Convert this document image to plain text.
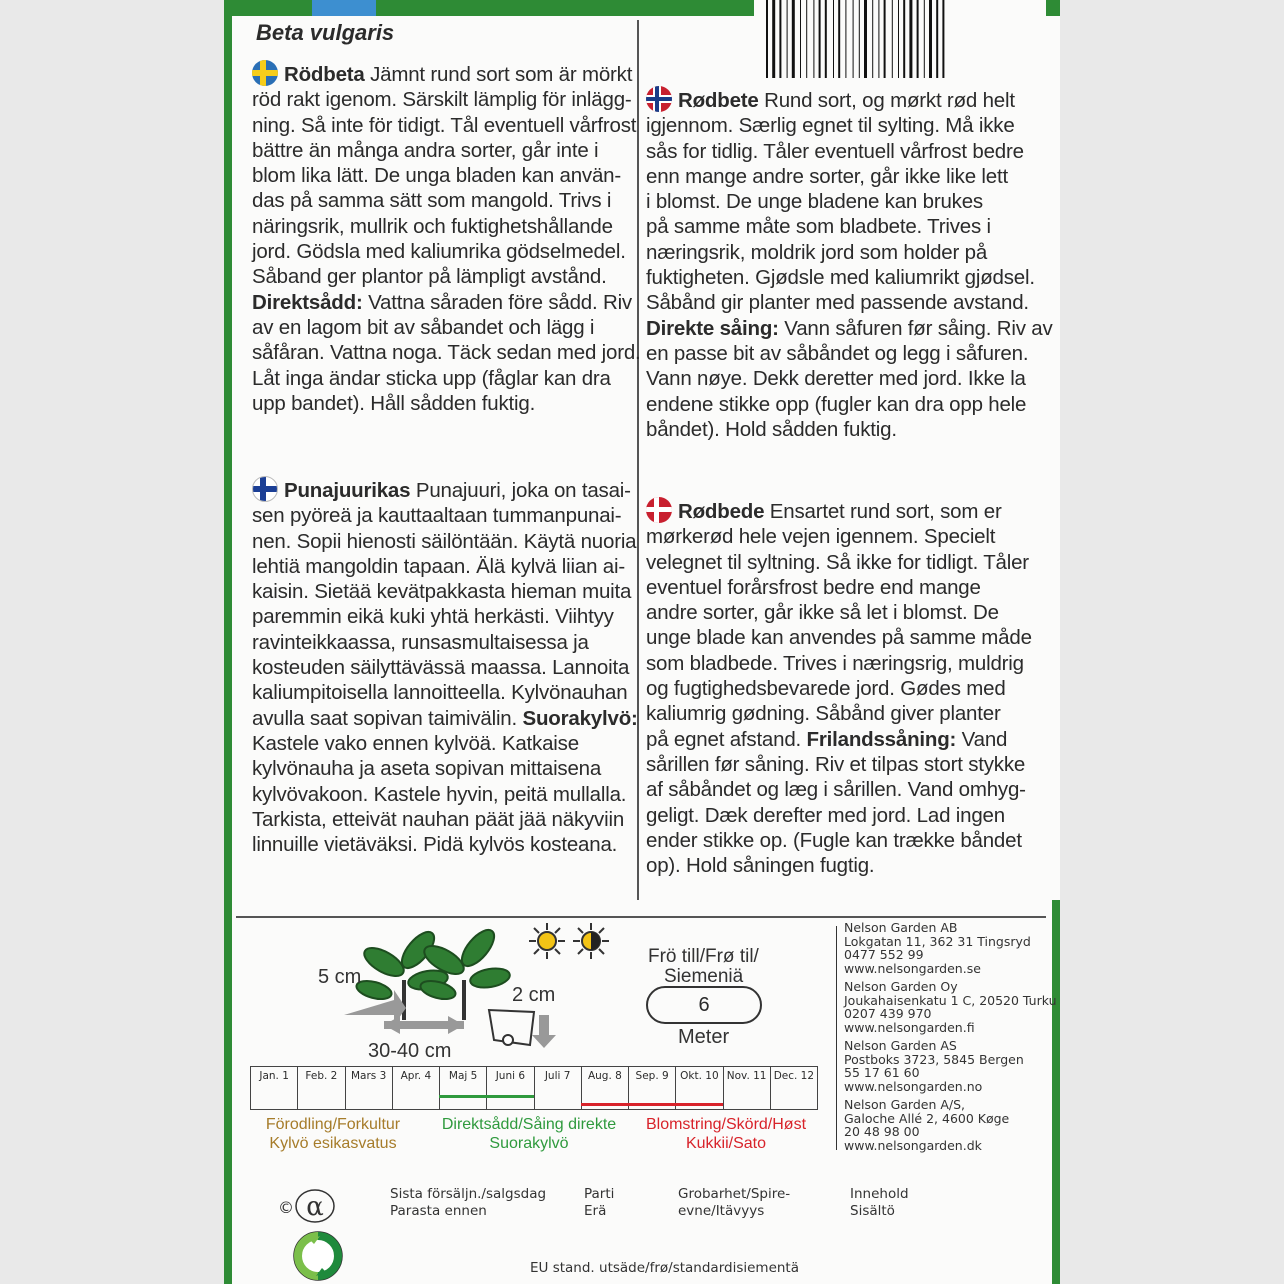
Beta vulgaris
Rödbeta Jämnt rund sort som är mörkt
röd rakt igenom. Särskilt lämplig för inlägg-
ning. Så inte för tidigt. Tål eventuell vårfrost
bättre än många andra sorter, går inte i
blom lika lätt. De unga bladen kan använ-
das på samma sätt som mangold. Trivs i
näringsrik, mullrik och fuktighetshållande
jord. Gödsla med kaliumrika gödselmedel.
Såband ger plantor på lämpligt avstånd.
Direktsådd: Vattna såraden före sådd. Riv
av en lagom bit av såbandet och lägg i
såfåran. Vattna noga. Täck sedan med jord.
Låt inga ändar sticka upp (fåglar kan dra
upp bandet). Håll sådden fuktig.
Rødbete Rund sort, og mørkt rød helt
igjennom. Særlig egnet til sylting. Må ikke
sås for tidlig. Tåler eventuell vårfrost bedre
enn mange andre sorter, går ikke like lett
i blomst. De unge bladene kan brukes
på samme måte som bladbete. Trives i
næringsrik, moldrik jord som holder på
fuktigheten. Gjødsle med kaliumrikt gjødsel.
Såbånd gir planter med passende avstand.
Direkte såing: Vann såfuren før såing. Riv av
en passe bit av såbåndet og legg i såfuren.
Vann nøye. Dekk deretter med jord. Ikke la
endene stikke opp (fugler kan dra opp hele
båndet). Hold sådden fuktig.
Punajuurikas Punajuuri, joka on tasai-
sen pyöreä ja kauttaaltaan tummanpunai-
nen. Sopii hienosti säilöntään. Käytä nuoria
lehtiä mangoldin tapaan. Älä kylvä liian ai-
kaisin. Sietää kevätpakkasta hieman muita
paremmin eikä kuki yhtä herkästi. Viihtyy
ravinteikkaassa, runsasmultaisessa ja
kosteuden säilyttävässä maassa. Lannoita
kaliumpitoisella lannoitteella. Kylvönauhan
avulla saat sopivan taimivälin. Suorakylvö:
Kastele vako ennen kylvöä. Katkaise
kylvönauha ja aseta sopivan mittaisena
kylvövakoon. Kastele hyvin, peitä mullalla.
Tarkista, etteivät nauhan päät jää näkyviin
linnuille vietäväksi. Pidä kylvös kosteana.
Rødbede Ensartet rund sort, som er
mørkerød hele vejen igennem. Specielt
velegnet til syltning. Så ikke for tidligt. Tåler
eventuel forårsfrost bedre end mange
andre sorter, går ikke så let i blomst. De
unge blade kan anvendes på samme måde
som bladbede. Trives i næringsrig, muldrig
og fugtighedsbevarede jord. Gødes med
kaliumrig gødning. Såbånd giver planter
på egnet afstand. Frilandssåning: Vand
sårillen før såning. Riv et tilpas stort stykke
af såbåndet og læg i sårillen. Vand omhyg-
geligt. Dæk derefter med jord. Lad ingen
ender stikke op. (Fugle kan trække båndet
op). Hold såningen fugtig.
5 cm
2 cm
30-40 cm
Frö till/Frø til/
Siemeniä
6
Meter
Jan. 1	Feb. 2	Mars 3	Apr. 4	Maj 5	Juni 6	Juli 7	Aug. 8	Sep. 9	Okt. 10 Nov. 11 Dec. 12
Förodling/Forkultur
Kylvö esikasvatus
Direktsådd/Såing direkte
Suorakylvö
Blomstring/Skörd/Høst
Kukkii/Sato
Nelson Garden AB
Lokgatan 11, 362 31 Tingsryd
0477 552 99
www.nelsongarden.se
Nelson Garden Oy
Joukahaisenkatu 1 C, 20520 Turku
0207 439 970
www.nelsongarden.fi
Nelson Garden AS
Postboks 3723, 5845 Bergen
55 17 61 60
www.nelsongarden.no
Nelson Garden A/S,
Galoche Allé 2, 4600 Køge
20 48 98 00
www.nelsongarden.dk
© α	Sista försäljn./salgsdag
Parasta ennen
Parti
Erä
Grobarhet/Spire-
evne/Itävyys
Innehold
Sisältö
EU stand. utsäde/frø/standardisiementä
